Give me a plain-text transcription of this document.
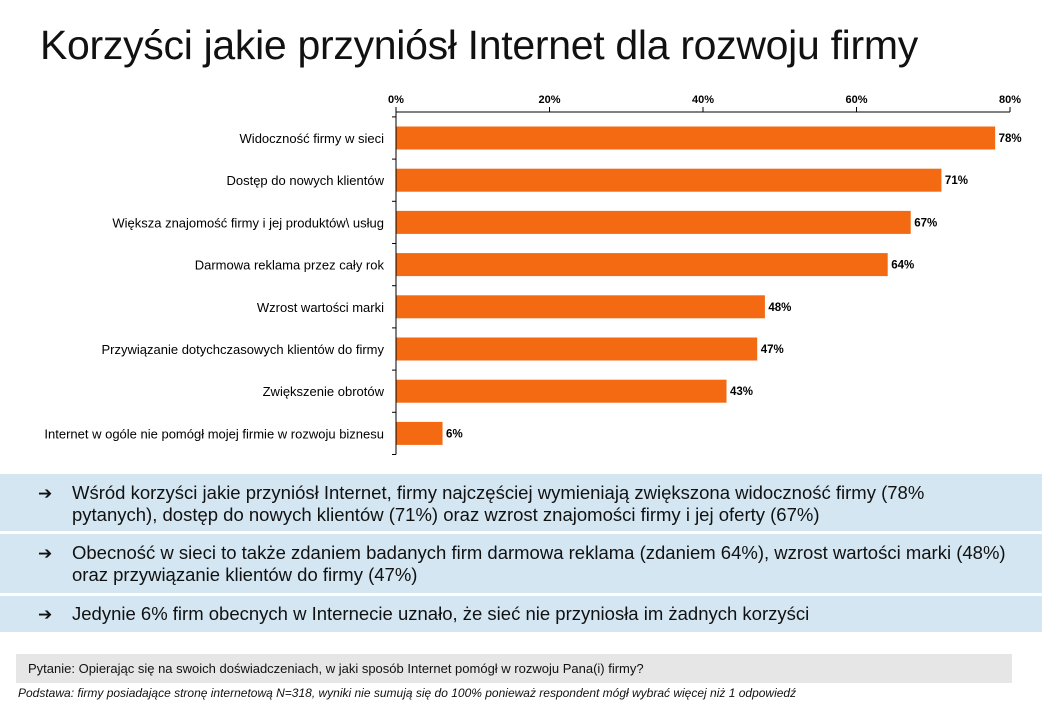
Korzyści jakie przyniósł Internet dla rozwoju firmy
0%	20%	40%	60%	80%
Widoczność firmy w sieci	78%
Dostęp do nowych klientów	71%
Większa znajomość firmy i jej produktów\ usług	67%
Darmowa reklama przez cały rok	64%
Wzrost wartości marki	48%
Przywiązanie dotychczasowych klientów do firmy	47%
Zwiększenie obrotów	43%
Internet w ogóle nie pomógł mojej firmie w rozwoju biznesu	6%
➔ Wśród korzyści jakie przyniósł Internet, firmy najczęściej wymieniają zwiększona widoczność firmy (78% pytanych), dostęp do nowych klientów (71%) oraz wzrost znajomości firmy i jej oferty (67%)
➔ Obecność w sieci to także zdaniem badanych firm darmowa reklama (zdaniem 64%), wzrost wartości marki (48%) oraz przywiązanie klientów do firmy (47%)
➔ Jedynie 6% firm obecnych w Internecie uznało, że sieć nie przyniosła im żadnych korzyści
Pytanie: Opierając się na swoich doświadczeniach, w jaki sposób Internet pomógł w rozwoju Pana(i) firmy?
Podstawa: firmy posiadające stronę internetową N=318, wyniki nie sumują się do 100% ponieważ respondent mógł wybrać więcej niż 1 odpowiedź
